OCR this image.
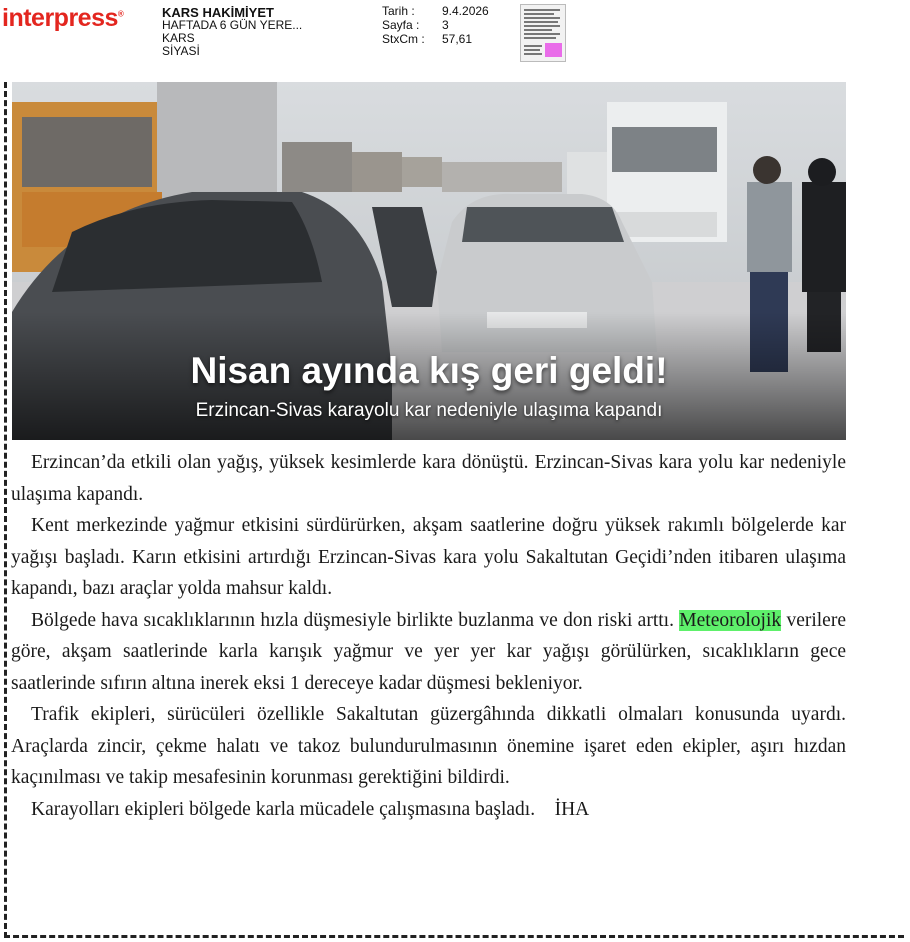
interpress®	KARS HAKİMİYET
HAFTADA 6 GÜN YERE...
KARS
SİYASİ
Tarih :	9.4.2026
Sayfa :	3
StxCm :	57,61
Nisan ayında kış geri geldi!
Erzincan-Sivas karayolu kar nedeniyle ulaşıma kapandı

Erzincan’da etkili olan yağış, yüksek kesimlerde kara dönüştü. Erzincan-Sivas kara yolu kar nedeniyle ulaşıma kapandı.

Kent merkezinde yağmur etkisini sürdürürken, akşam saatlerine doğru yüksek rakımlı bölgelerde kar yağışı başladı. Karın etkisini artırdığı Erzincan-Sivas kara yolu Sakaltutan Geçidi’nden itibaren ulaşıma kapandı, bazı araçlar yolda mahsur kaldı.

Bölgede hava sıcaklıklarının hızla düşmesiyle birlikte buzlanma ve don riski arttı. Meteorolojik verilere göre, akşam saatlerinde karla karışık yağmur ve yer yer kar yağışı görülürken, sıcaklıkların gece saatlerinde sıfırın altına inerek eksi 1 dereceye kadar düşmesi bekleniyor.

Trafik ekipleri, sürücüleri özellikle Sakaltutan güzergâhında dikkatli olmaları konusunda uyardı. Araçlarda zincir, çekme halatı ve takoz bulundurulmasının önemine işaret eden ekipler, aşırı hızdan kaçınılması ve takip mesafesinin korunması gerektiğini bildirdi.

Karayolları ekipleri bölgede karla mücadele çalışmasına başladı. İHA
